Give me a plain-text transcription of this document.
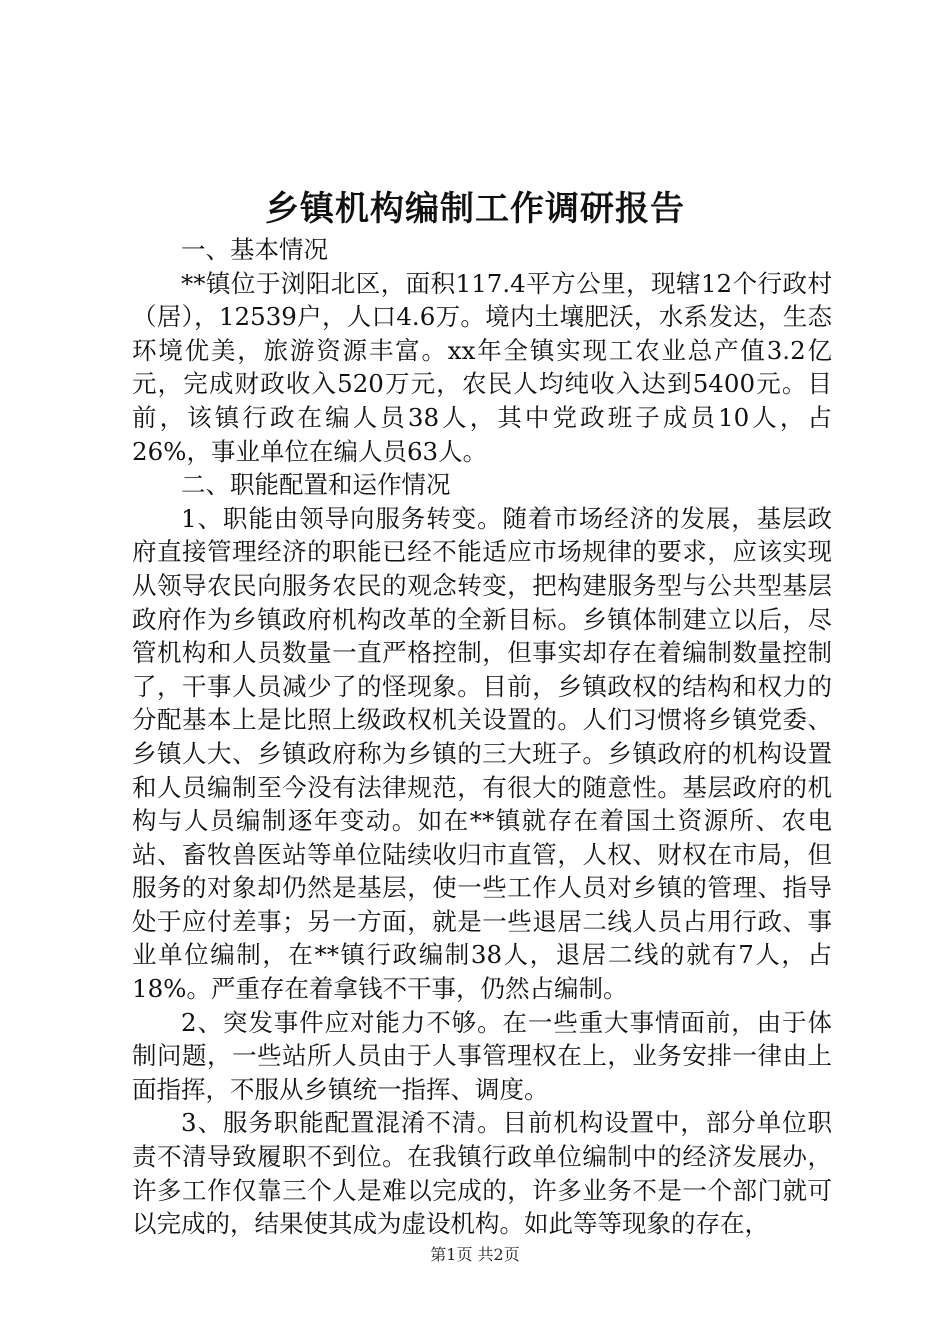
乡镇机构编制工作调研报告

一、基本情况

**镇位于浏阳北区，面积117.4平方公里，现辖12个行政村（居），12539户，人口4.6万。境内土壤肥沃，水系发达，生态环境优美，旅游资源丰富。xx年全镇实现工农业总产值3.2亿元，完成财政收入520万元，农民人均纯收入达到5400元。目前，该镇行政在编人员38人，其中党政班子成员10人，占26%，事业单位在编人员63人。

二、职能配置和运作情况

1、职能由领导向服务转变。随着市场经济的发展，基层政府直接管理经济的职能已经不能适应市场规律的要求，应该实现从领导农民向服务农民的观念转变，把构建服务型与公共型基层政府作为乡镇政府机构改革的全新目标。乡镇体制建立以后，尽管机构和人员数量一直严格控制，但事实却存在着编制数量控制了，干事人员减少了的怪现象。目前，乡镇政权的结构和权力的分配基本上是比照上级政权机关设置的。人们习惯将乡镇党委、乡镇人大、乡镇政府称为乡镇的三大班子。乡镇政府的机构设置和人员编制至今没有法律规范，有很大的随意性。基层政府的机构与人员编制逐年变动。如在**镇就存在着国土资源所、农电站、畜牧兽医站等单位陆续收归市直管，人权、财权在市局，但服务的对象却仍然是基层，使一些工作人员对乡镇的管理、指导处于应付差事；另一方面，就是一些退居二线人员占用行政、事业单位编制，在**镇行政编制38人，退居二线的就有7人，占18%。严重存在着拿钱不干事，仍然占编制。

2、突发事件应对能力不够。在一些重大事情面前，由于体制问题，一些站所人员由于人事管理权在上，业务安排一律由上面指挥，不服从乡镇统一指挥、调度。

3、服务职能配置混淆不清。目前机构设置中，部分单位职责不清导致履职不到位。在我镇行政单位编制中的经济发展办，许多工作仅靠三个人是难以完成的，许多业务不是一个部门就可以完成的，结果使其成为虚设机构。如此等等现象的存在，

第1页 共2页
